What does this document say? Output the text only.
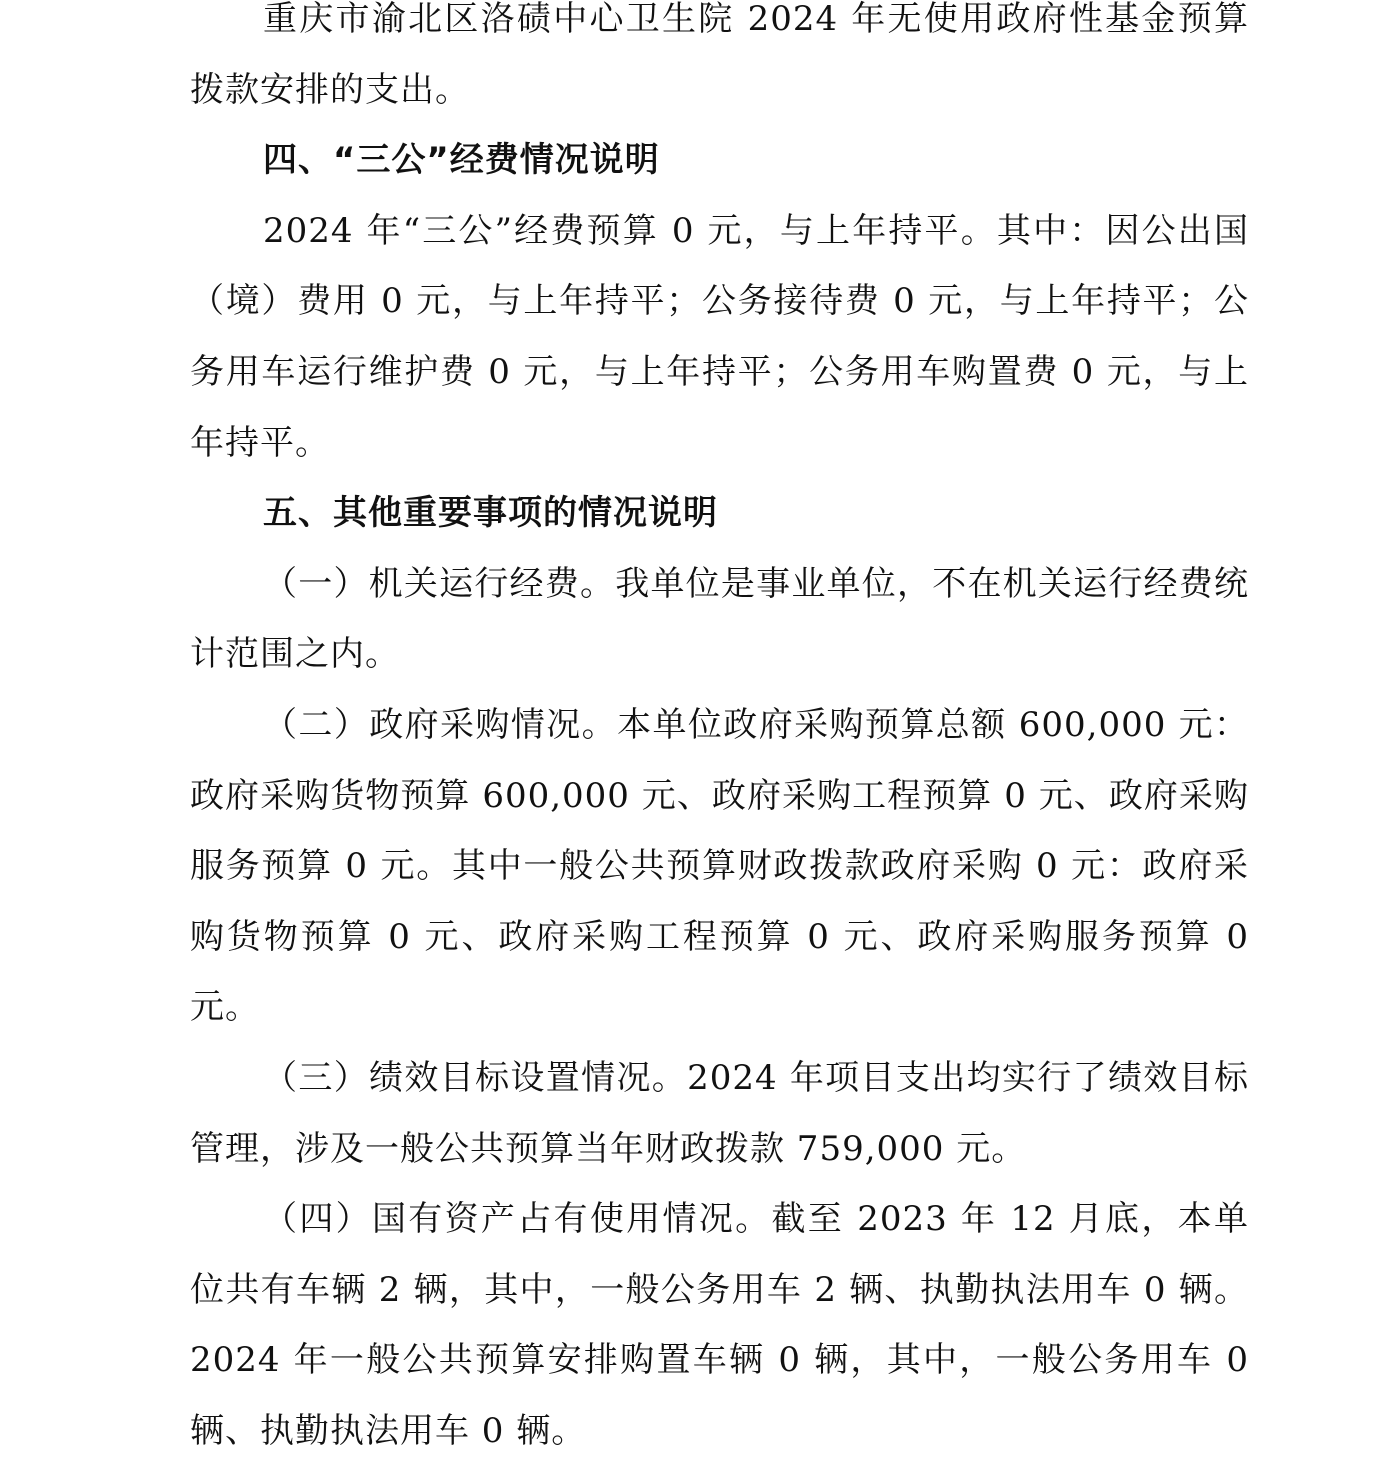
重庆市渝北区洛碛中心卫生院 2024 年无使用政府性基金预算拨款安排的支出。

四、“三公”经费情况说明

2024 年“三公”经费预算 0 元，与上年持平。其中：因公出国（境）费用 0 元，与上年持平；公务接待费 0 元，与上年持平；公务用车运行维护费 0 元，与上年持平；公务用车购置费 0 元，与上年持平。

五、其他重要事项的情况说明

（一）机关运行经费。我单位是事业单位，不在机关运行经费统计范围之内。

（二）政府采购情况。本单位政府采购预算总额 600,000 元：政府采购货物预算 600,000 元、政府采购工程预算 0 元、政府采购服务预算 0 元。其中一般公共预算财政拨款政府采购 0 元：政府采购货物预算 0 元、政府采购工程预算 0 元、政府采购服务预算 0 元。

（三）绩效目标设置情况。2024 年项目支出均实行了绩效目标管理，涉及一般公共预算当年财政拨款 759,000 元。

（四）国有资产占有使用情况。截至 2023 年 12 月底，本单位共有车辆 2 辆，其中，一般公务用车 2 辆、执勤执法用车 0 辆。2024 年一般公共预算安排购置车辆 0 辆，其中，一般公务用车 0 辆、执勤执法用车 0 辆。
